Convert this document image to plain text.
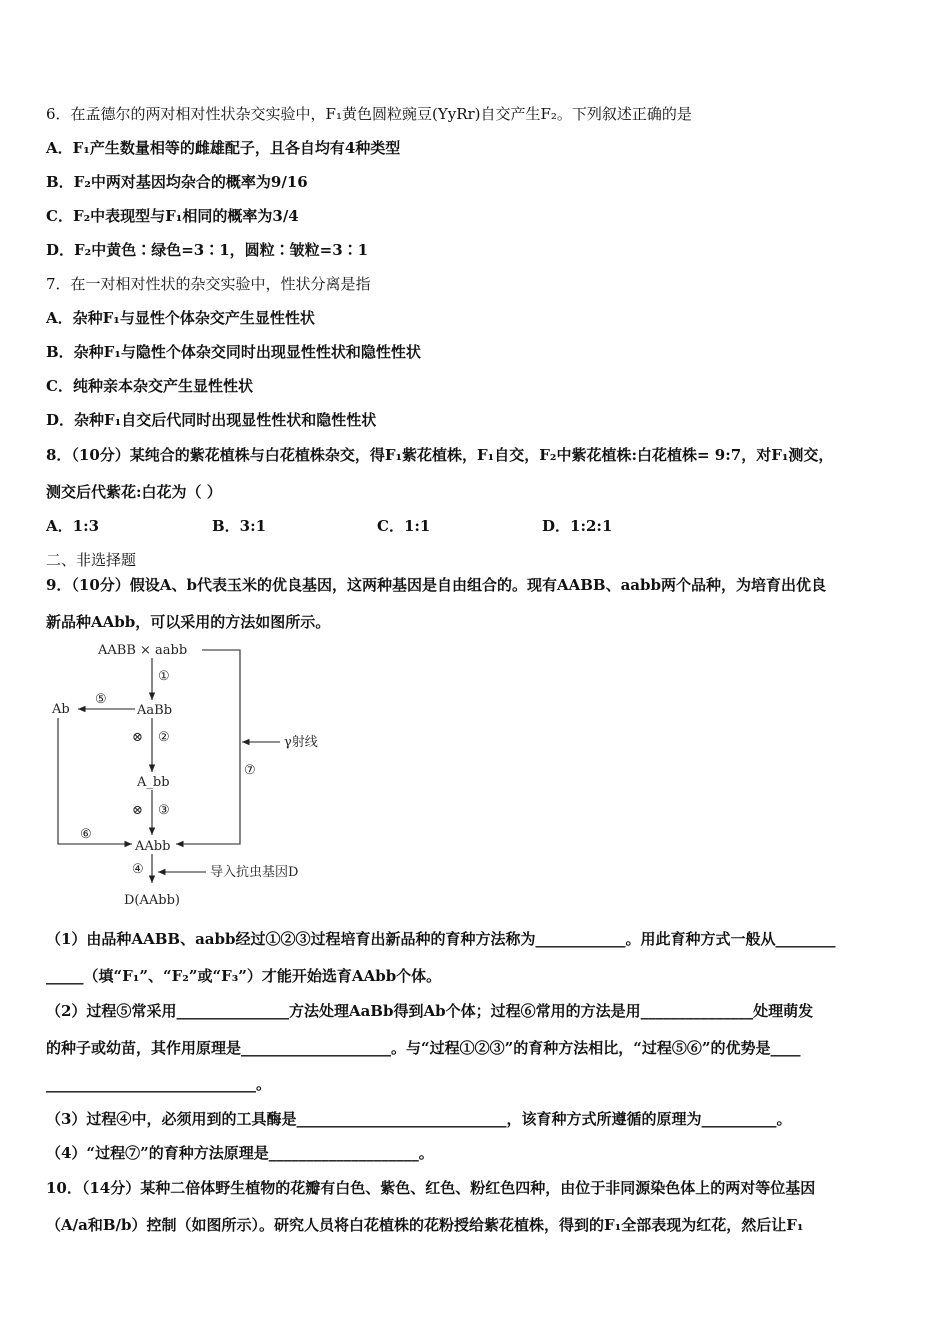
6．在孟德尔的两对相对性状杂交实验中，F₁黄色圆粒豌豆(YyRr)自交产生F₂。下列叙述正确的是
A．F₁产生数量相等的雌雄配子，且各自均有4种类型
B．F₂中两对基因均杂合的概率为9/16
C．F₂中表现型与F₁相同的概率为3/4
D．F₂中黄色∶绿色=3∶1，圆粒∶皱粒=3∶1
7．在一对相对性状的杂交实验中，性状分离是指
A．杂种F₁与显性个体杂交产生显性性状
B．杂种F₁与隐性个体杂交同时出现显性性状和隐性性状
C．纯种亲本杂交产生显性性状
D．杂种F₁自交后代同时出现显性性状和隐性性状
8．（10分）某纯合的紫花植株与白花植株杂交，得F₁紫花植株，F₁自交，F₂中紫花植株:白花植株= 9:7，对F₁测交，
测交后代紫花:白花为（ ）
A．1:3	B．3:1	C．1:1	D．1:2:1
二、非选择题
9．（10分）假设A、b代表玉米的优良基因，这两种基因是自由组合的。现有AABB、aabb两个品种，为培育出优良
新品种AAbb，可以采用的方法如图所示。
AABB × aabb
AaBb
Ab
A_bb
AAbb
D(AAbb)
①
⊗ ②
⊗ ③
④
⑤
⑥
⑦
γ射线
导入抗虫基因D
（1）由品种AABB、aabb经过①②③过程培育出新品种的育种方法称为____________。用此育种方式一般从________
_____（填“F₁”、“F₂”或“F₃”）才能开始选育AAbb个体。
（2）过程⑤常采用_______________方法处理AaBb得到Ab个体；过程⑥常用的方法是用_______________处理萌发
的种子或幼苗，其作用原理是____________________。与“过程①②③”的育种方法相比，“过程⑤⑥”的优势是____
____________________________。
（3）过程④中，必须用到的工具酶是____________________________，该育种方式所遵循的原理为__________。
（4）“过程⑦”的育种方法原理是____________________。
10．（14分）某种二倍体野生植物的花瓣有白色、紫色、红色、粉红色四种，由位于非同源染色体上的两对等位基因
（A/a和B/b）控制（如图所示）。研究人员将白花植株的花粉授给紫花植株，得到的F₁全部表现为红花，然后让F₁
